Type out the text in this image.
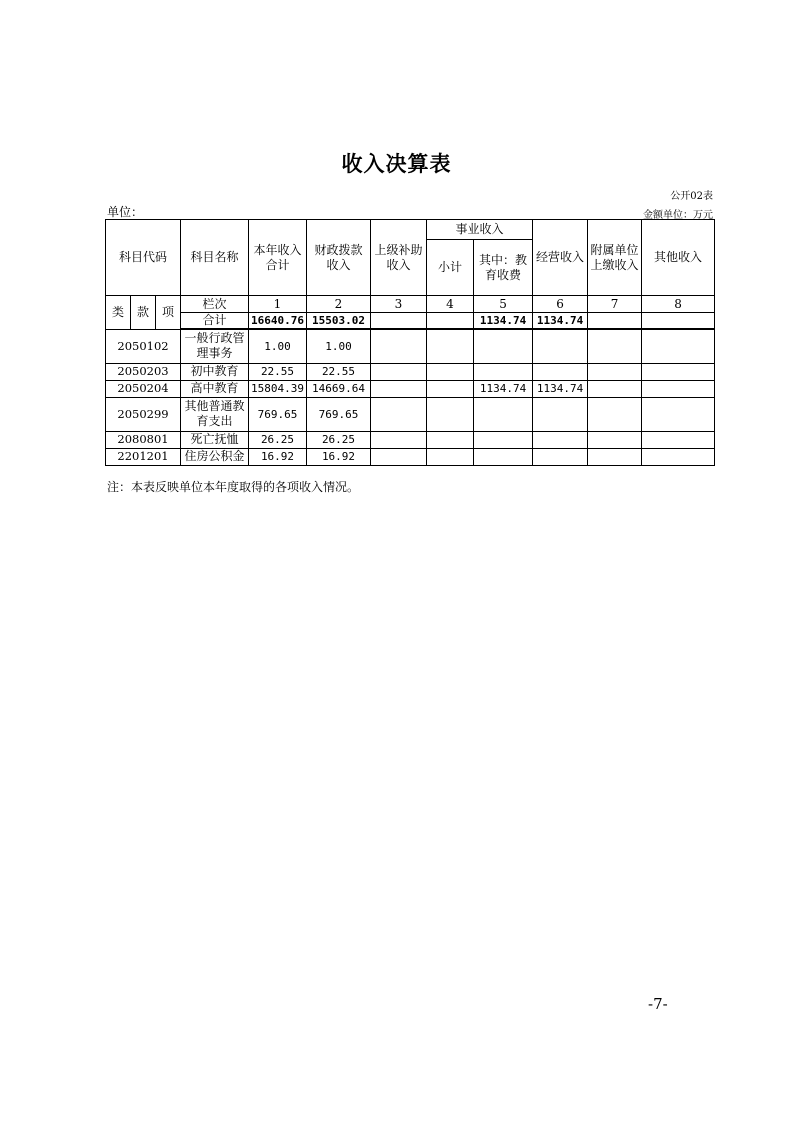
收入决算表
公开02表
单位：	金额单位：万元
科目代码			科目名称	本年收入合计	财政拨款收入	上级补助收入	事业收入		经营收入	附属单位上缴收入	其他收入
							小计	其中：教育收费			

类	款	项	栏次	1	2	3	4	5	6	7	8
			合计	16640.76	15503.02			1134.74	1134.74		
2050102			一般行政管理事务	1.00	1.00						
2050203			初中教育	22.55	22.55						
2050204			高中教育	15804.39	14669.64			1134.74	1134.74		
2050299			其他普通教育支出	769.65	769.65						
2080801			死亡抚恤	26.25	26.25						
2201201			住房公积金	16.92	16.92						
注：本表反映单位本年度取得的各项收入情况。
-7-
